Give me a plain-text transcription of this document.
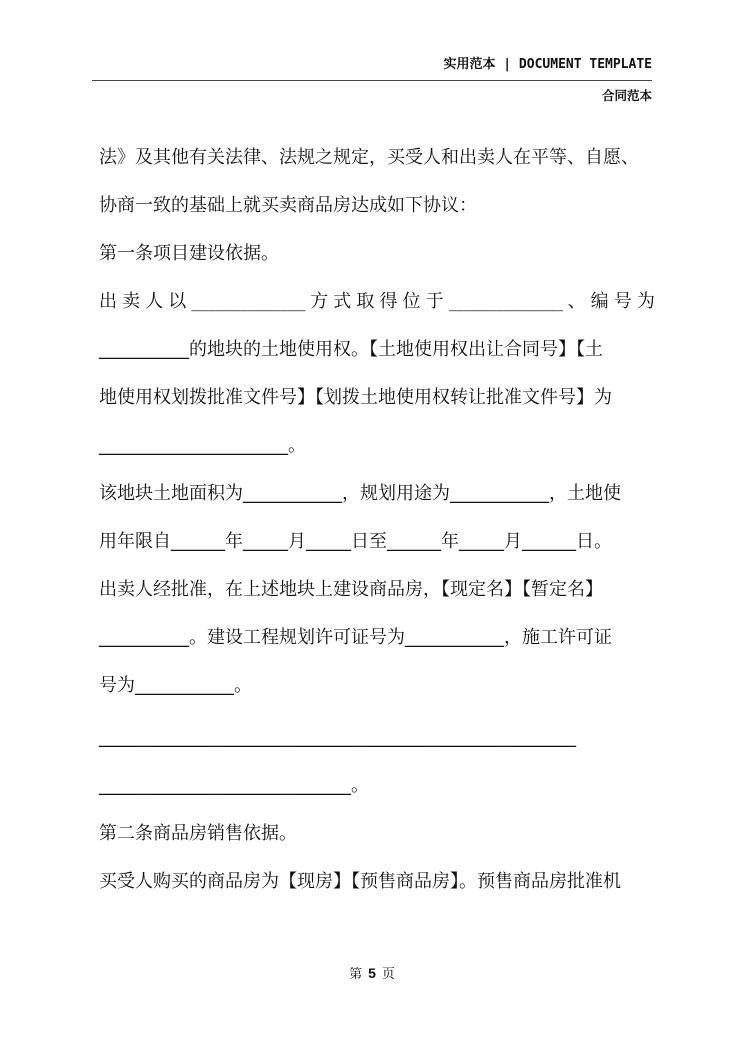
实用范本 | DOCUMENT TEMPLATE
合同范本
法》及其他有关法律、法规之规定，买受人和出卖人在平等、自愿、
协商一致的基础上就买卖商品房达成如下协议：
第一条项目建设依据。
出 卖 人 以 ___________ 方 式 取 得 位 于 ___________ 、 编 号 为
__________的地块的土地使用权。【土地使用权出让合同号】【土
地使用权划拨批准文件号】【划拨土地使用权转让批准文件号】为
_____________________。
该地块土地面积为___________，规划用途为___________，土地使
用年限自______年_____月_____日至______年_____月______日。
出卖人经批准，在上述地块上建设商品房，【现定名】【暂定名】
__________。建设工程规划许可证号为___________，施工许可证
号为___________。
_____________________________________________________
____________________________。
第二条商品房销售依据。
买受人购买的商品房为【现房】【预售商品房】。预售商品房批准机
第 5 页
